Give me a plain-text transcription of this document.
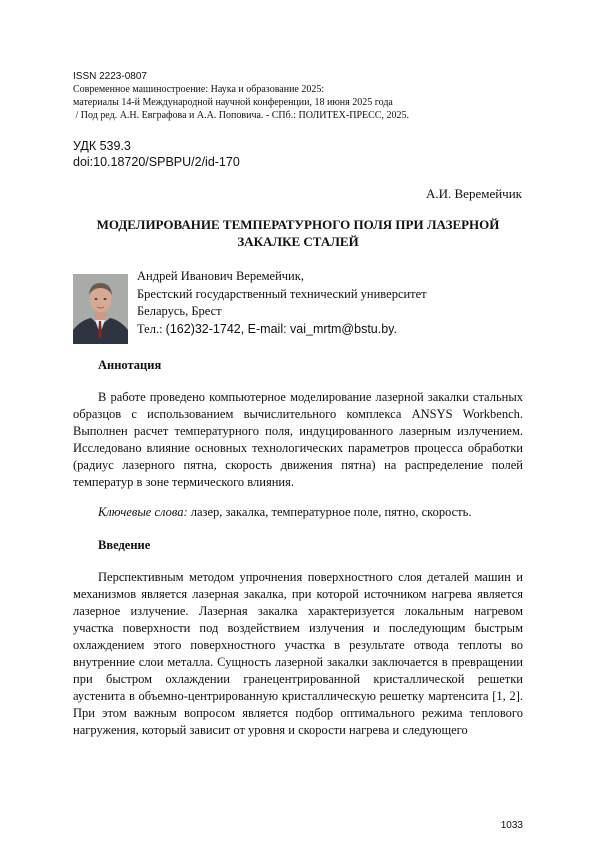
ISSN 2223-0807
Современное машиностроение: Наука и образование 2025:
материалы 14-й Международной научной конференции, 18 июня 2025 года
/ Под ред. А.Н. Евграфова и А.А. Поповича. - СПб.: ПОЛИТЕХ-ПРЕСС, 2025.
УДК 539.3
doi:10.18720/SPBPU/2/id-170
А.И. Веремейчик
МОДЕЛИРОВАНИЕ ТЕМПЕРАТУРНОГО ПОЛЯ ПРИ ЛАЗЕРНОЙ ЗАКАЛКЕ СТАЛЕЙ
Андрей Иванович Веремейчик,
Брестский государственный технический университет
Беларусь, Брест
Тел.: (162)32-1742, E-mail: vai_mrtm@bstu.by.
Аннотация

В работе проведено компьютерное моделирование лазерной закалки стальных образцов с использованием вычислительного комплекса ANSYS Workbench. Выполнен расчет температурного поля, индуцированного лазерным излучением. Исследовано влияние основных технологических параметров процесса обработки (радиус лазерного пятна, скорость движения пятна) на распределение полей температур в зоне термического влияния.

Ключевые слова: лазер, закалка, температурное поле, пятно, скорость.
Введение

Перспективным методом упрочнения поверхностного слоя деталей машин и механизмов является лазерная закалка, при которой источником нагрева является лазерное излучение. Лазерная закалка характеризуется локальным нагревом участка поверхности под воздействием излучения и последующим быстрым охлаждением этого поверхностного участка в результате отвода теплоты во внутренние слои металла. Сущность лазерной закалки заключается в превращении при быстром охлаждении гранецентрированной кристаллической решетки аустенита в объемно-центрированную кристаллическую решетку мартенсита [1, 2]. При этом важным вопросом является подбор оптимального режима теплового нагружения, который зависит от уровня и скорости нагрева и следующего

1033
